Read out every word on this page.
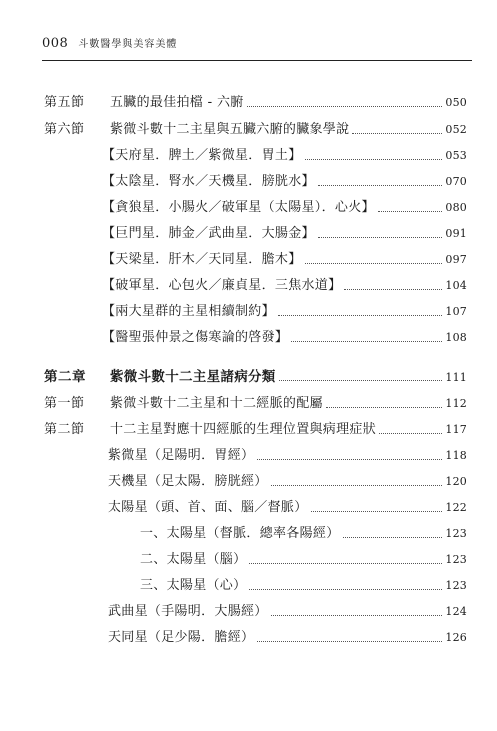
008 斗數醫學與美容美體
第五節 五臟的最佳拍檔 - 六腑	050
第六節 紫微斗數十二主星與五臟六腑的臟象學說	052
【天府星．脾土／紫微星．胃土】	053
【太陰星．腎水／天機星．膀胱水】	070
【貪狼星．小腸火／破軍星（太陽星）．心火】	080
【巨門星．肺金／武曲星．大腸金】	091
【天梁星．肝木／天同星．膽木】	097
【破軍星．心包火／廉貞星．三焦水道】	104
【兩大星群的主星相續制約】	107
【醫聖張仲景之傷寒論的啓發】	108
第二章 紫微斗數十二主星諸病分類	111
第一節 紫微斗數十二主星和十二經脈的配屬	112
第二節 十二主星對應十四經脈的生理位置與病理症狀	117
紫微星（足陽明．胃經）	118
天機星（足太陽．膀胱經）	120
太陽星（頭、首、面、腦／督脈）	122
一、太陽星（督脈．總率各陽經）	123
二、太陽星（腦）	123
三、太陽星（心）	123
武曲星（手陽明．大腸經）	124
天同星（足少陽．膽經）	126
